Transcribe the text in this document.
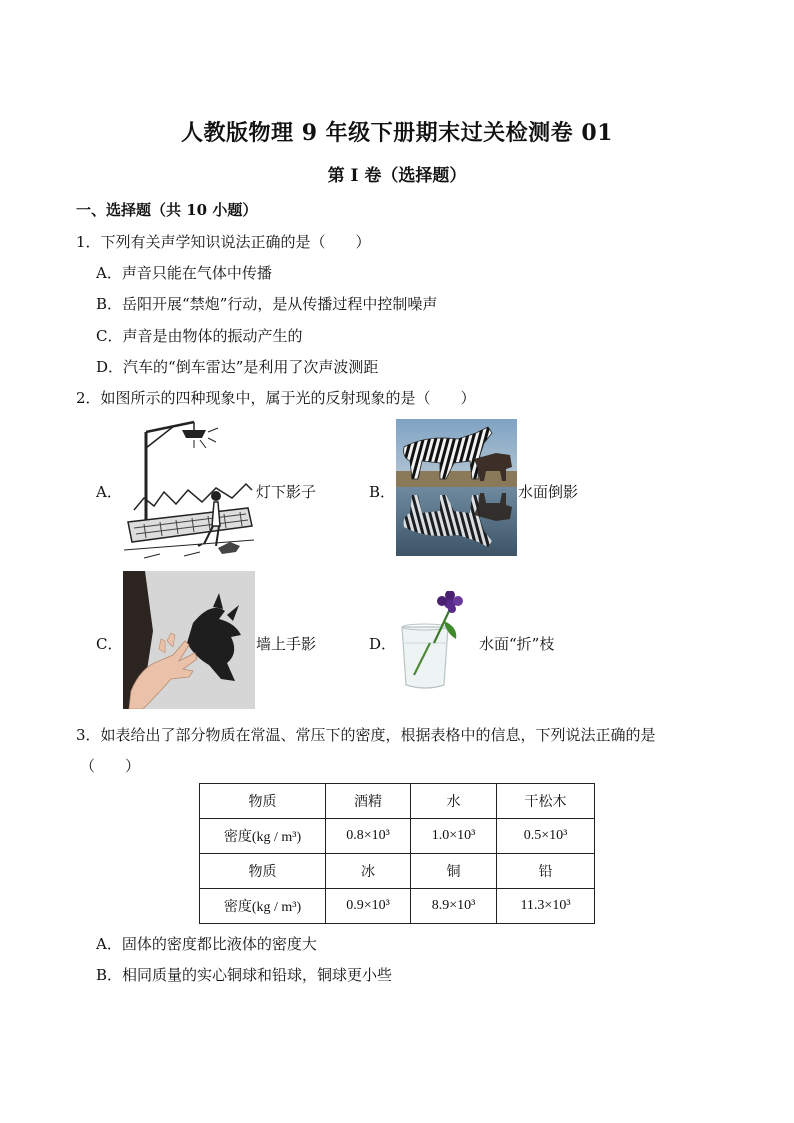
人教版物理 9 年级下册期末过关检测卷 01
第 I 卷（选择题）
一、选择题（共 10 小题）
1．下列有关声学知识说法正确的是（　　）
A．声音只能在气体中传播
B．岳阳开展“禁炮”行动，是从传播过程中控制噪声
C．声音是由物体的振动产生的
D．汽车的“倒车雷达”是利用了次声波测距
2．如图所示的四种现象中，属于光的反射现象的是（　　）
A．	灯下影子	B．	水面倒影
C．	墙上手影	D．	水面“折”枝
3．如表给出了部分物质在常温、常压下的密度，根据表格中的信息，下列说法正确的是
（　　）
物质	酒精	水	干松木
密度(kg / m³)	0.8×10³	1.0×10³	0.5×10³
物质	冰	铜	铅
密度(kg / m³)	0.9×10³	8.9×10³	11.3×10³
A．固体的密度都比液体的密度大
B．相同质量的实心铜球和铅球，铜球更小些
